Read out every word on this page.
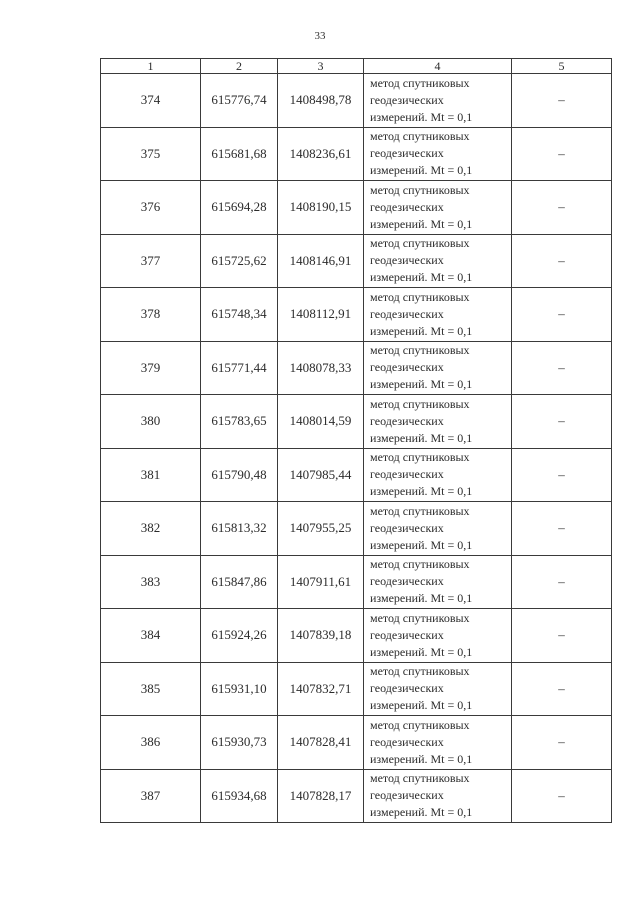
33
1	2	3	4	5
374	615776,74	1408498,78	метод спутниковых
геодезических
измерений. Mt = 0,1	–
375	615681,68	1408236,61	метод спутниковых
геодезических
измерений. Mt = 0,1	–
376	615694,28	1408190,15	метод спутниковых
геодезических
измерений. Mt = 0,1	–
377	615725,62	1408146,91	метод спутниковых
геодезических
измерений. Mt = 0,1	–
378	615748,34	1408112,91	метод спутниковых
геодезических
измерений. Mt = 0,1	–
379	615771,44	1408078,33	метод спутниковых
геодезических
измерений. Mt = 0,1	–
380	615783,65	1408014,59	метод спутниковых
геодезических
измерений. Mt = 0,1	–
381	615790,48	1407985,44	метод спутниковых
геодезических
измерений. Mt = 0,1	–
382	615813,32	1407955,25	метод спутниковых
геодезических
измерений. Mt = 0,1	–
383	615847,86	1407911,61	метод спутниковых
геодезических
измерений. Mt = 0,1	–
384	615924,26	1407839,18	метод спутниковых
геодезических
измерений. Mt = 0,1	–
385	615931,10	1407832,71	метод спутниковых
геодезических
измерений. Mt = 0,1	–
386	615930,73	1407828,41	метод спутниковых
геодезических
измерений. Mt = 0,1	–
387	615934,68	1407828,17	метод спутниковых
геодезических
измерений. Mt = 0,1	–
